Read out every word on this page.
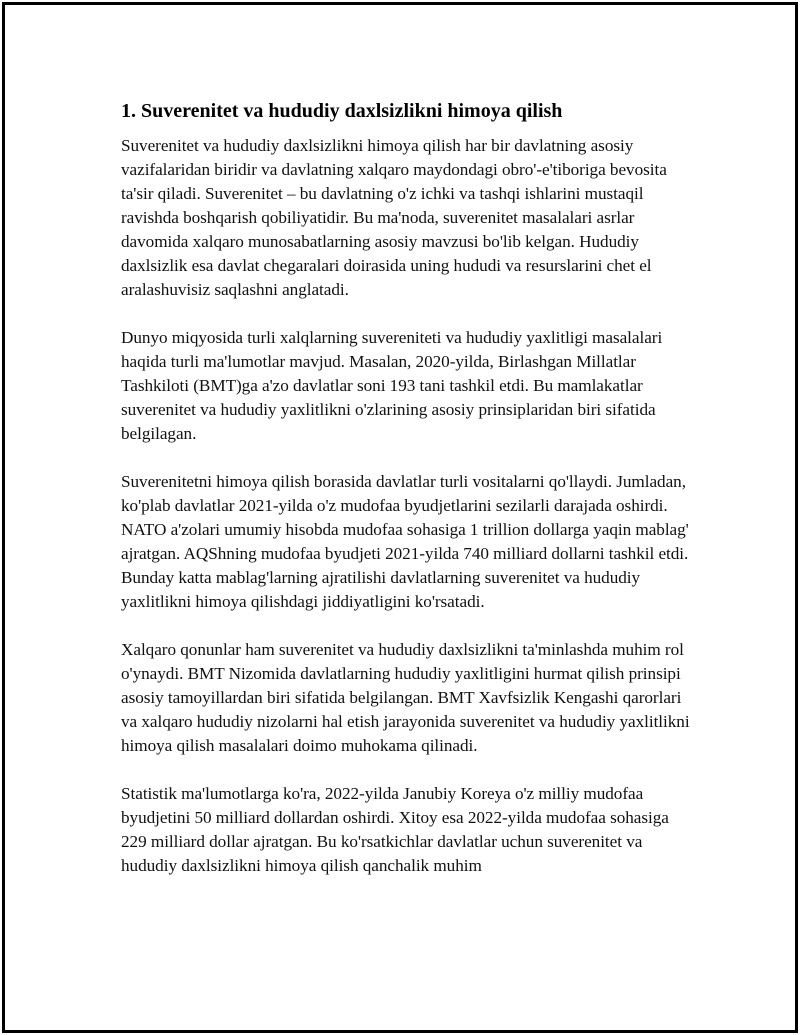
1. Suverenitet va hududiy daxlsizlikni himoya qilish

Suverenitet va hududiy daxlsizlikni himoya qilish har bir davlatning asosiy vazifalaridan biridir va davlatning xalqaro maydondagi obro'-e'tiboriga bevosita ta'sir qiladi. Suverenitet – bu davlatning o'z ichki va tashqi ishlarini mustaqil ravishda boshqarish qobiliyatidir. Bu ma'noda, suverenitet masalalari asrlar davomida xalqaro munosabatlarning asosiy mavzusi bo'lib kelgan. Hududiy daxlsizlik esa davlat chegaralari doirasida uning hududi va resurslarini chet el aralashuvisiz saqlashni anglatadi.

Dunyo miqyosida turli xalqlarning suvereniteti va hududiy yaxlitligi masalalari haqida turli ma'lumotlar mavjud. Masalan, 2020-yilda, Birlashgan Millatlar Tashkiloti (BMT)ga a'zo davlatlar soni 193 tani tashkil etdi. Bu mamlakatlar suverenitet va hududiy yaxlitlikni o'zlarining asosiy prinsiplaridan biri sifatida belgilagan.

Suverenitetni himoya qilish borasida davlatlar turli vositalarni qo'llaydi. Jumladan, ko'plab davlatlar 2021-yilda o'z mudofaa byudjetlarini sezilarli darajada oshirdi. NATO a'zolari umumiy hisobda mudofaa sohasiga 1 trillion dollarga yaqin mablag' ajratgan. AQShning mudofaa byudjeti 2021-yilda 740 milliard dollarni tashkil etdi. Bunday katta mablag'larning ajratilishi davlatlarning suverenitet va hududiy yaxlitlikni himoya qilishdagi jiddiyatligini ko'rsatadi.

Xalqaro qonunlar ham suverenitet va hududiy daxlsizlikni ta'minlashda muhim rol o'ynaydi. BMT Nizomida davlatlarning hududiy yaxlitligini hurmat qilish prinsipi asosiy tamoyillardan biri sifatida belgilangan. BMT Xavfsizlik Kengashi qarorlari va xalqaro hududiy nizolarni hal etish jarayonida suverenitet va hududiy yaxlitlikni himoya qilish masalalari doimo muhokama qilinadi.

Statistik ma'lumotlarga ko'ra, 2022-yilda Janubiy Koreya o'z milliy mudofaa byudjetini 50 milliard dollardan oshirdi. Xitoy esa 2022-yilda mudofaa sohasiga 229 milliard dollar ajratgan. Bu ko'rsatkichlar davlatlar uchun suverenitet va hududiy daxlsizlikni himoya qilish qanchalik muhim
